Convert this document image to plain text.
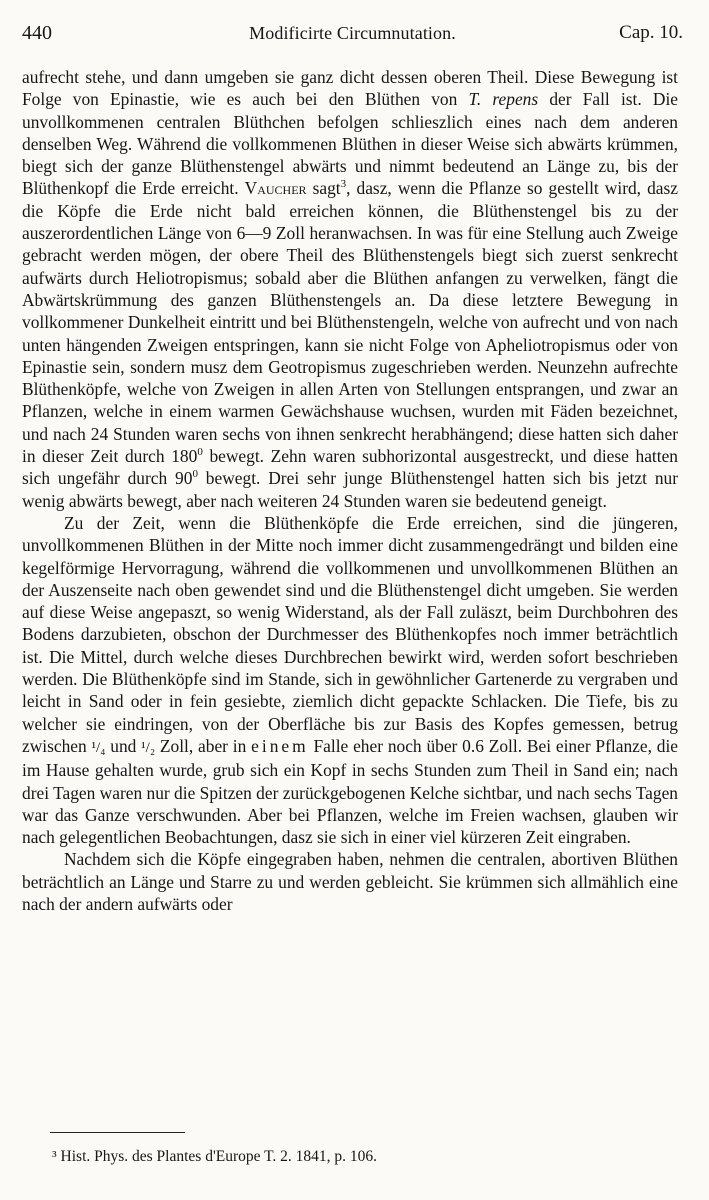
440	Modificirte Circumnutation.	Cap. 10.

aufrecht stehe, und dann umgeben sie ganz dicht dessen oberen Theil. Diese Bewegung ist Folge von Epinastie, wie es auch bei den Blüthen von T. repens der Fall ist. Die unvollkommenen centralen Blüthchen befolgen schlieszlich eines nach dem anderen denselben Weg. Während die vollkommenen Blüthen in dieser Weise sich abwärts krümmen, biegt sich der ganze Blüthenstengel abwärts und nimmt bedeutend an Länge zu, bis der Blüthenkopf die Erde erreicht. Vaucher sagt$^3$, dasz, wenn die Pflanze so gestellt wird, dasz die Köpfe die Erde nicht bald erreichen können, die Blüthenstengel bis zu der auszerordentlichen Länge von 6—9 Zoll heranwachsen. In was für eine Stellung auch Zweige gebracht werden mögen, der obere Theil des Blüthenstengels biegt sich zuerst senkrecht aufwärts durch Heliotropismus; sobald aber die Blüthen anfangen zu verwelken, fängt die Abwärtskrümmung des ganzen Blüthenstengels an. Da diese letztere Bewegung in vollkommener Dunkelheit eintritt und bei Blüthenstengeln, welche von aufrecht und von nach unten hängenden Zweigen entspringen, kann sie nicht Folge von Apheliotropismus oder von Epinastie sein, sondern musz dem Geotropismus zugeschrieben werden. Neunzehn aufrechte Blüthenköpfe, welche von Zweigen in allen Arten von Stellungen entsprangen, und zwar an Pflanzen, welche in einem warmen Gewächshause wuchsen, wurden mit Fäden bezeichnet, und nach 24 Stunden waren sechs von ihnen senkrecht herabhängend; diese hatten sich daher in dieser Zeit durch $180^0$ bewegt. Zehn waren subhorizontal ausgestreckt, und diese hatten sich ungefähr durch $90^0$ bewegt. Drei sehr junge Blüthenstengel hatten sich bis jetzt nur wenig abwärts bewegt, aber nach weiteren 24 Stunden waren sie bedeutend geneigt.

Zu der Zeit, wenn die Blüthenköpfe die Erde erreichen, sind die jüngeren, unvollkommenen Blüthen in der Mitte noch immer dicht zusammengedrängt und bilden eine kegelförmige Hervorragung, während die vollkommenen und unvollkommenen Blüthen an der Auszenseite nach oben gewendet sind und die Blüthenstengel dicht umgeben. Sie werden auf diese Weise angepaszt, so wenig Widerstand, als der Fall zuläszt, beim Durchbohren des Bodens darzubieten, obschon der Durchmesser des Blüthenkopfes noch immer beträchtlich ist. Die Mittel, durch welche dieses Durchbrechen bewirkt wird, werden sofort beschrieben werden. Die Blüthenköpfe sind im Stande, sich in gewöhnlicher Gartenerde zu vergraben und leicht in Sand oder in fein gesiebte, ziemlich dicht gepackte Schlacken. Die Tiefe, bis zu welcher sie eindringen, von der Oberfläche bis zur Basis des Kopfes gemessen, betrug zwischen ¹/₄ und ¹/₂ Zoll, aber in einem Falle eher noch über 0.6 Zoll. Bei einer Pflanze, die im Hause gehalten wurde, grub sich ein Kopf in sechs Stunden zum Theil in Sand ein; nach drei Tagen waren nur die Spitzen der zurückgebogenen Kelche sichtbar, und nach sechs Tagen war das Ganze verschwunden. Aber bei Pflanzen, welche im Freien wachsen, glauben wir nach gelegentlichen Beobachtungen, dasz sie sich in einer viel kürzeren Zeit eingraben.

Nachdem sich die Köpfe eingegraben haben, nehmen die centralen, abortiven Blüthen beträchtlich an Länge und Starre zu und werden gebleicht. Sie krümmen sich allmählich eine nach der andern aufwärts oder

³ Hist. Phys. des Plantes d'Europe T. 2. 1841, p. 106.
